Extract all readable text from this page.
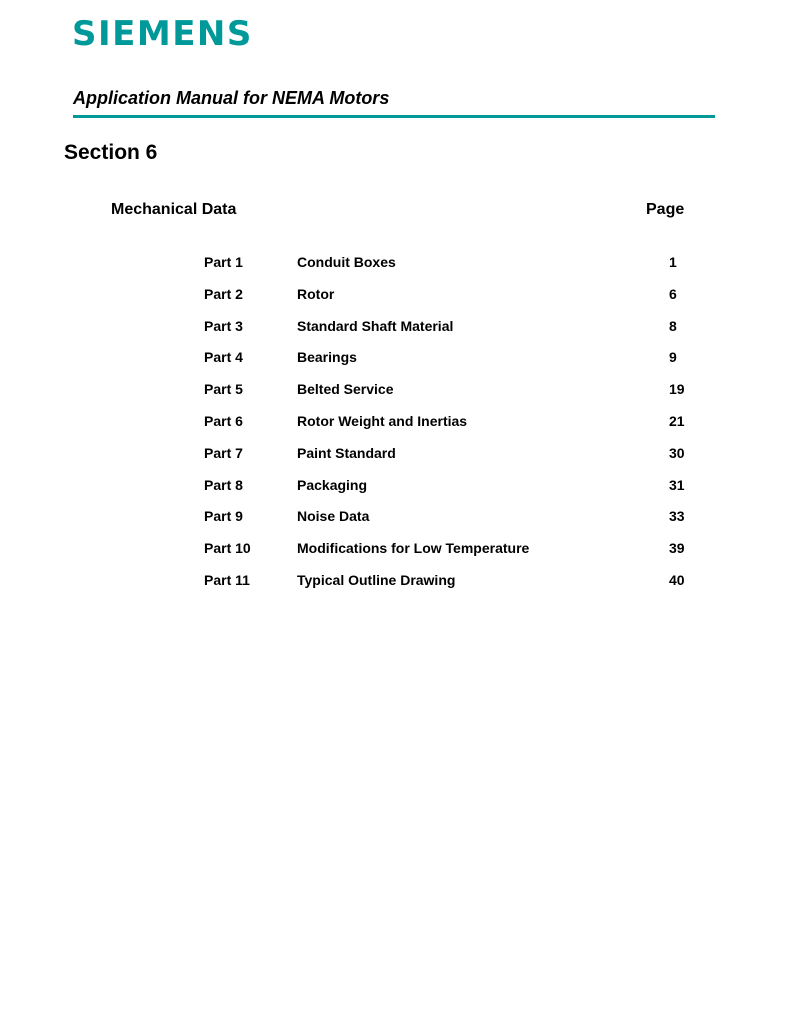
SIEMENS
Application Manual for NEMA Motors
Section 6
Mechanical Data	Page
Part 1	Conduit Boxes	1
Part 2	Rotor	6
Part 3	Standard Shaft Material	8
Part 4	Bearings	9
Part 5	Belted Service	19
Part 6	Rotor Weight and Inertias	21
Part 7	Paint Standard	30
Part 8	Packaging	31
Part 9	Noise Data	33
Part 10	Modifications for Low Temperature	39
Part 11	Typical Outline Drawing	40
